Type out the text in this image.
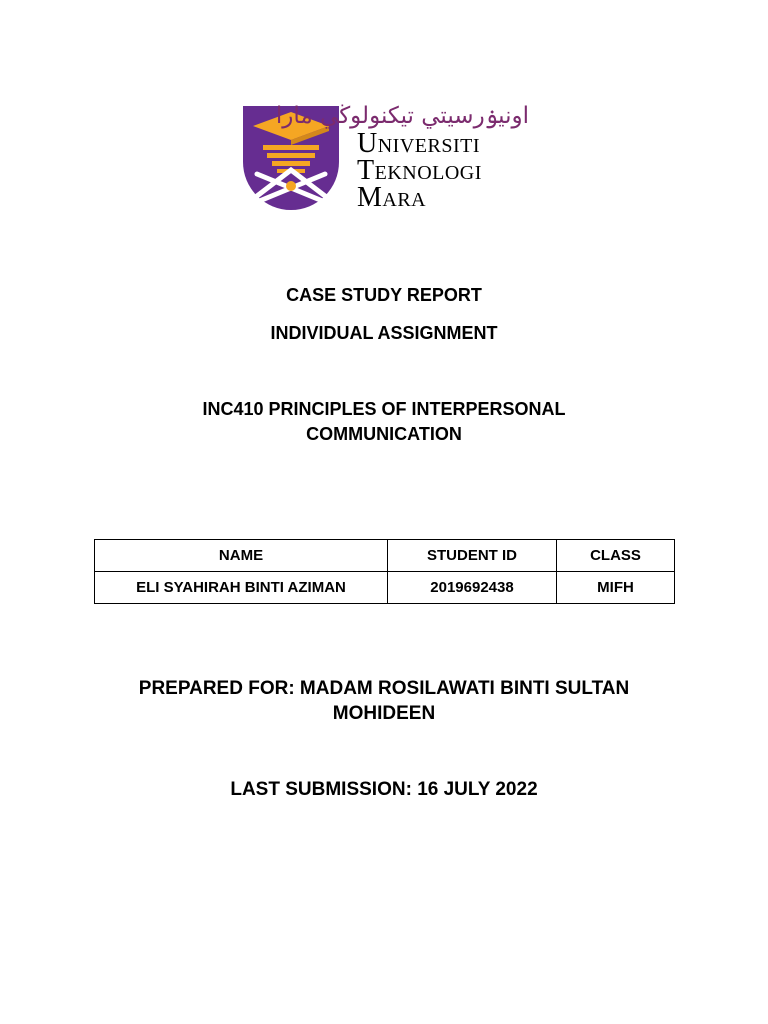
اونيۏرسيتي تيكنولوڬي مارا
Universiti
Teknologi
Mara
CASE STUDY REPORT
INDIVIDUAL ASSIGNMENT
INC410 PRINCIPLES OF INTERPERSONAL
COMMUNICATION
NAME	STUDENT ID	CLASS
ELI SYAHIRAH BINTI AZIMAN	2019692438	MIFH
PREPARED FOR: MADAM ROSILAWATI BINTI SULTAN
MOHIDEEN
LAST SUBMISSION: 16 JULY 2022
